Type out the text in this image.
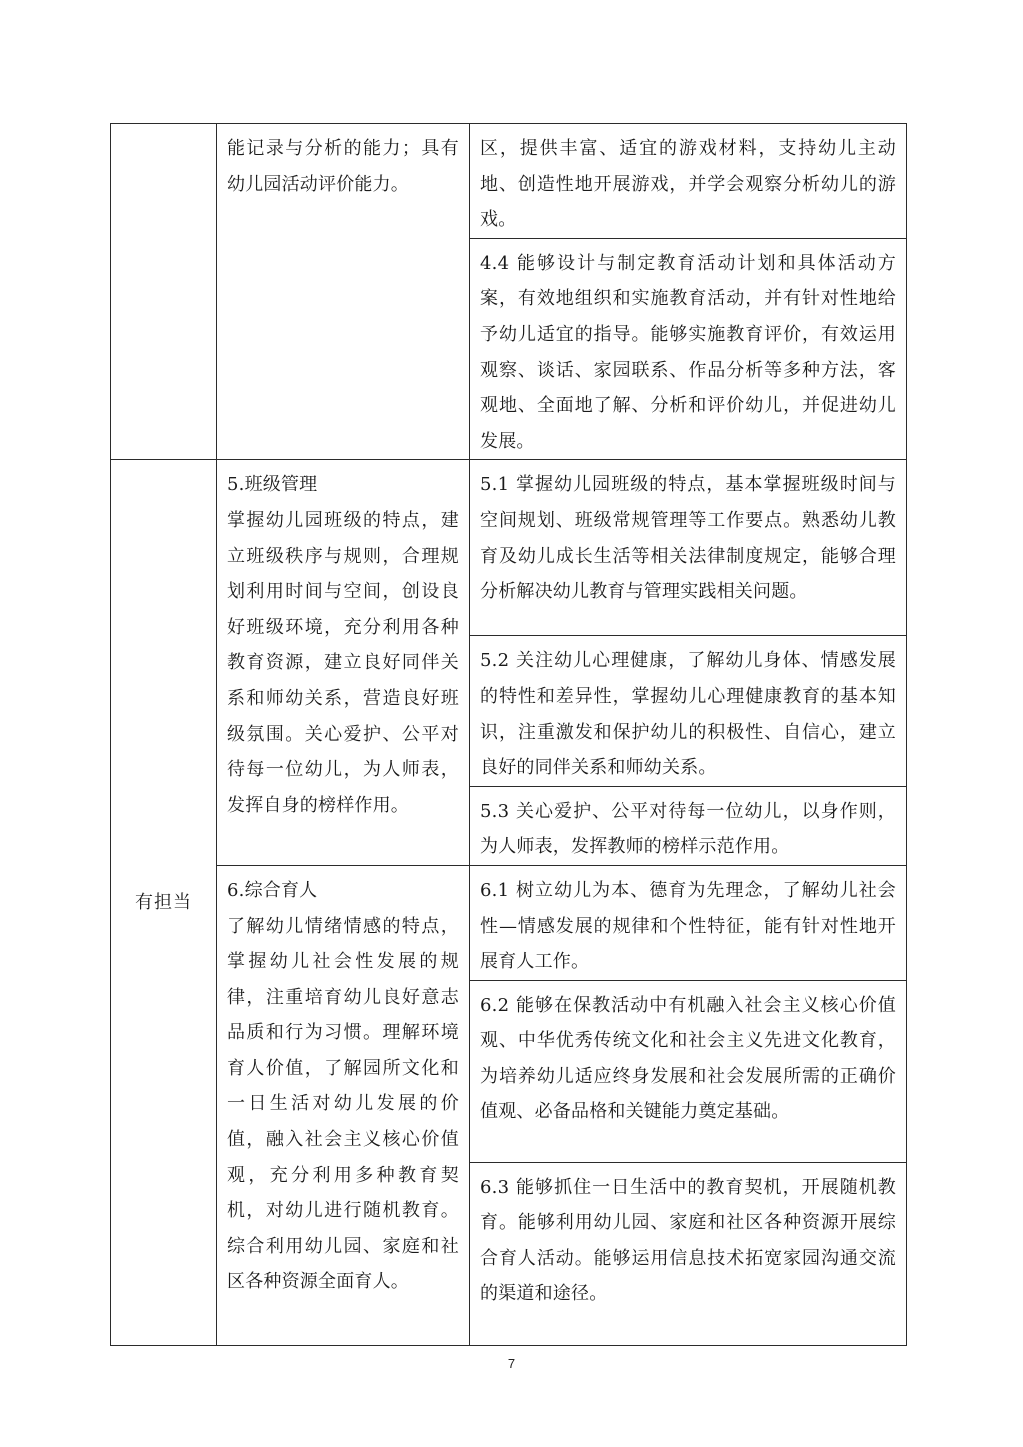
	能记录与分析的能力；具有幼儿园活动评价能力。	区，提供丰富、适宜的游戏材料，支持幼儿主动地、创造性地开展游戏，并学会观察分析幼儿的游戏。
		4.4 能够设计与制定教育活动计划和具体活动方案，有效地组织和实施教育活动，并有针对性地给予幼儿适宜的指导。能够实施教育评价，有效运用观察、谈话、家园联系、作品分析等多种方法，客观地、全面地了解、分析和评价幼儿，并促进幼儿发展。
有担当	5.班级管理
掌握幼儿园班级的特点，建立班级秩序与规则，合理规划利用时间与空间，创设良好班级环境，充分利用各种教育资源，建立良好同伴关系和师幼关系，营造良好班级氛围。关心爱护、公平对待每一位幼儿，为人师表，发挥自身的榜样作用。	5.1 掌握幼儿园班级的特点，基本掌握班级时间与空间规划、班级常规管理等工作要点。熟悉幼儿教育及幼儿成长生活等相关法律制度规定，能够合理分析解决幼儿教育与管理实践相关问题。
		5.2 关注幼儿心理健康，了解幼儿身体、情感发展的特性和差异性，掌握幼儿心理健康教育的基本知识，注重激发和保护幼儿的积极性、自信心，建立良好的同伴关系和师幼关系。
		5.3 关心爱护、公平对待每一位幼儿，以身作则，为人师表，发挥教师的榜样示范作用。

	6.综合育人
了解幼儿情绪情感的特点，掌握幼儿社会性发展的规律，注重培育幼儿良好意志品质和行为习惯。理解环境育人价值，了解园所文化和一日生活对幼儿发展的价值，融入社会主义核心价值观，充分利用多种教育契机，对幼儿进行随机教育。综合利用幼儿园、家庭和社区各种资源全面育人。	6.1 树立幼儿为本、德育为先理念，了解幼儿社会性—情感发展的规律和个性特征，能有针对性地开展育人工作。
		6.2 能够在保教活动中有机融入社会主义核心价值观、中华优秀传统文化和社会主义先进文化教育，为培养幼儿适应终身发展和社会发展所需的正确价值观、必备品格和关键能力奠定基础。
		6.3 能够抓住一日生活中的教育契机，开展随机教育。能够利用幼儿园、家庭和社区各种资源开展综合育人活动。能够运用信息技术拓宽家园沟通交流的渠道和途径。
7
